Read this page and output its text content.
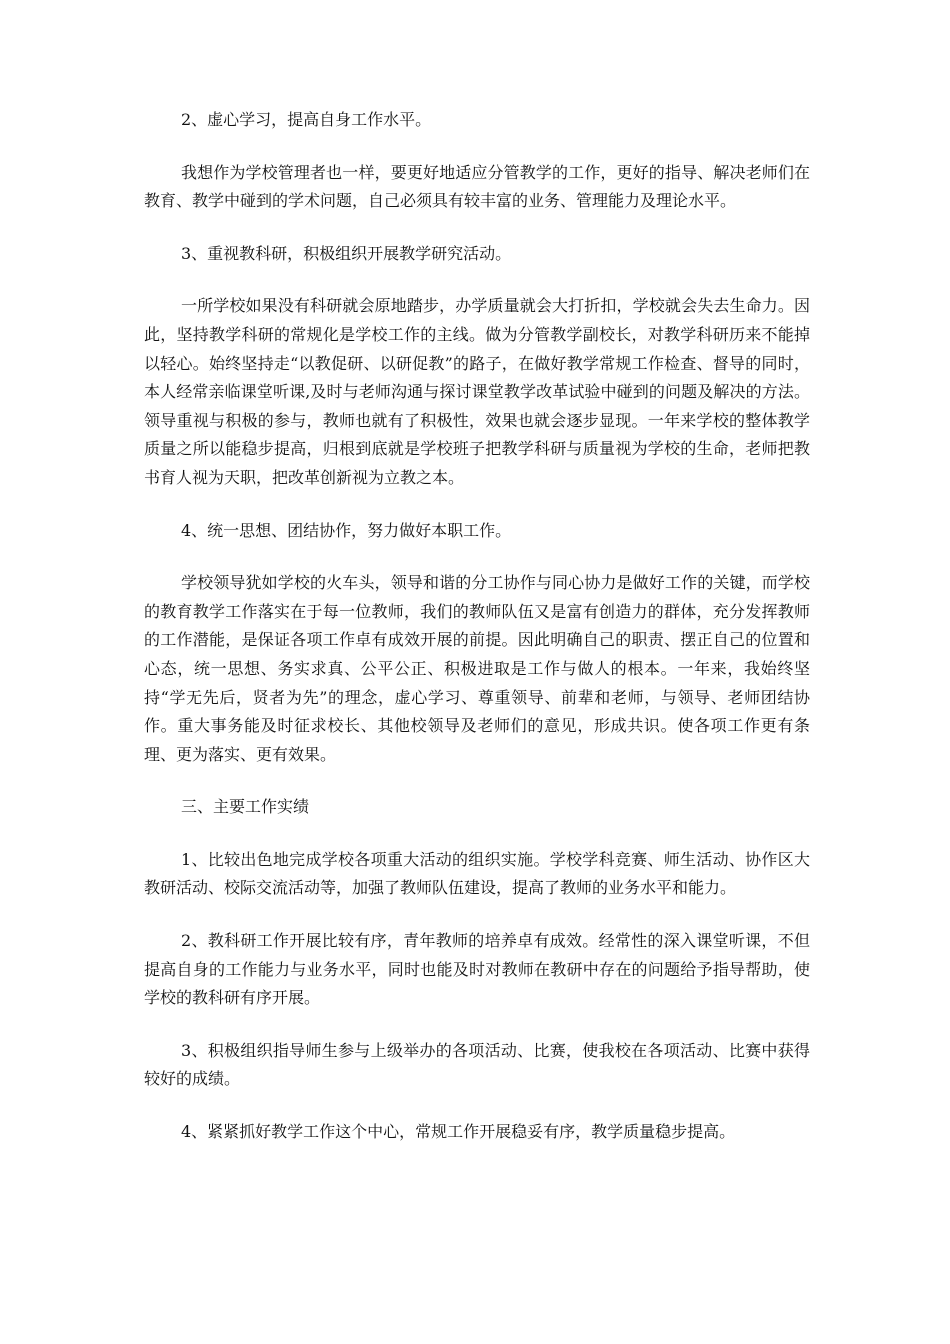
2、虚心学习，提高自身工作水平。

我想作为学校管理者也一样，要更好地适应分管教学的工作，更好的指导、解决老师们在教育、教学中碰到的学术问题，自己必须具有较丰富的业务、管理能力及理论水平。

3、重视教科研，积极组织开展教学研究活动。

一所学校如果没有科研就会原地踏步，办学质量就会大打折扣，学校就会失去生命力。因此，坚持教学科研的常规化是学校工作的主线。做为分管教学副校长，对教学科研历来不能掉以轻心。始终坚持走“以教促研、以研促教”的路子，在做好教学常规工作检查、督导的同时，本人经常亲临课堂听课,及时与老师沟通与探讨课堂教学改革试验中碰到的问题及解决的方法。领导重视与积极的参与，教师也就有了积极性，效果也就会逐步显现。一年来学校的整体教学质量之所以能稳步提高，归根到底就是学校班子把教学科研与质量视为学校的生命，老师把教书育人视为天职，把改革创新视为立教之本。

4、统一思想、团结协作，努力做好本职工作。

学校领导犹如学校的火车头，领导和谐的分工协作与同心协力是做好工作的关键，而学校的教育教学工作落实在于每一位教师，我们的教师队伍又是富有创造力的群体，充分发挥教师的工作潜能，是保证各项工作卓有成效开展的前提。因此明确自己的职责、摆正自己的位置和心态，统一思想、务实求真、公平公正、积极进取是工作与做人的根本。一年来，我始终坚持“学无先后，贤者为先”的理念，虚心学习、尊重领导、前辈和老师，与领导、老师团结协作。重大事务能及时征求校长、其他校领导及老师们的意见，形成共识。使各项工作更有条理、更为落实、更有效果。

三、主要工作实绩

1、比较出色地完成学校各项重大活动的组织实施。学校学科竞赛、师生活动、协作区大教研活动、校际交流活动等，加强了教师队伍建设，提高了教师的业务水平和能力。

2、教科研工作开展比较有序，青年教师的培养卓有成效。经常性的深入课堂听课，不但提高自身的工作能力与业务水平，同时也能及时对教师在教研中存在的问题给予指导帮助，使学校的教科研有序开展。

3、积极组织指导师生参与上级举办的各项活动、比赛，使我校在各项活动、比赛中获得较好的成绩。

4、紧紧抓好教学工作这个中心，常规工作开展稳妥有序，教学质量稳步提高。
